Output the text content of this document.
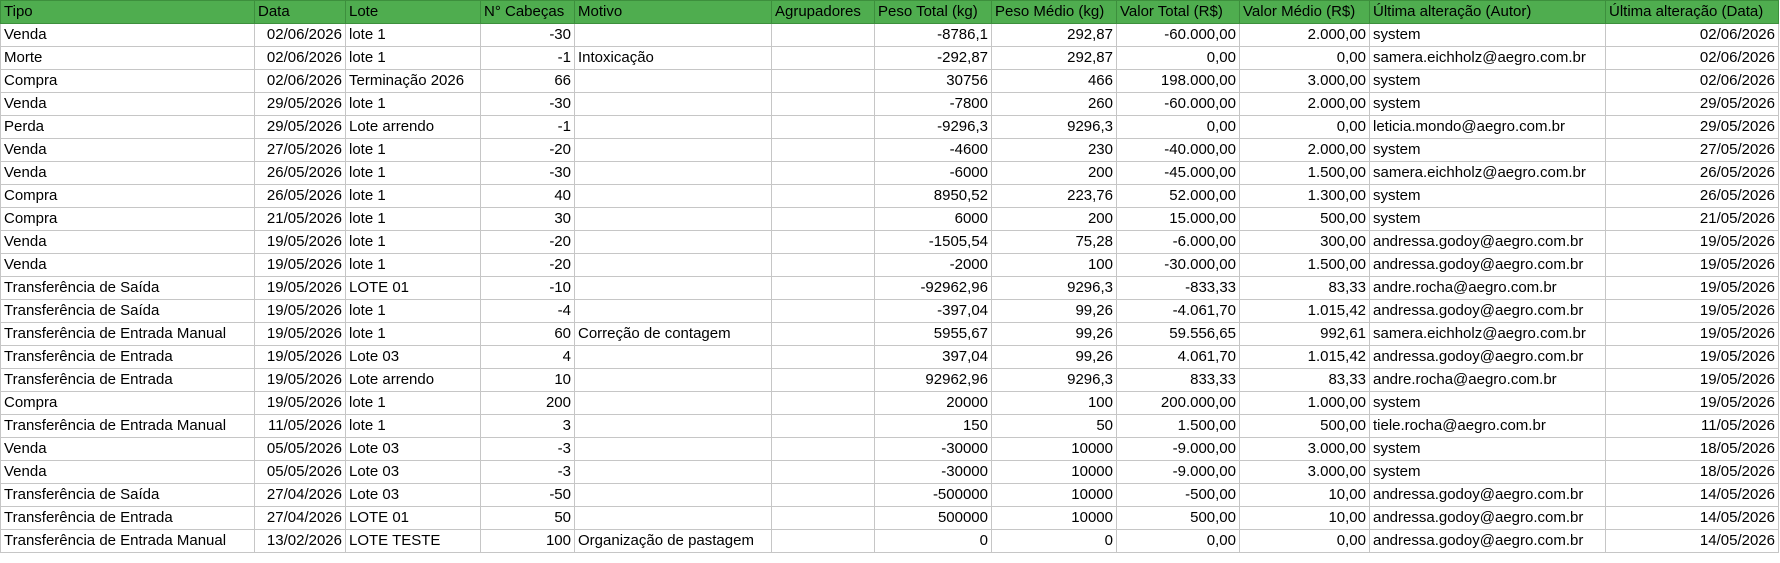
Tipo	Data	Lote	N° Cabeças	Motivo	Agrupadores	Peso Total (kg)	Peso Médio (kg)	Valor Total (R$)	Valor Médio (R$)	Última alteração (Autor)	Última alteração (Data)
Venda	02/06/2026	lote 1	-30			-8786,1	292,87	-60.000,00	2.000,00	system	02/06/2026
Morte	02/06/2026	lote 1	-1	Intoxicação		-292,87	292,87	0,00	0,00	samera.eichholz@aegro.com.br	02/06/2026
Compra	02/06/2026	Terminação 2026	66			30756	466	198.000,00	3.000,00	system	02/06/2026
Venda	29/05/2026	lote 1	-30			-7800	260	-60.000,00	2.000,00	system	29/05/2026
Perda	29/05/2026	Lote arrendo	-1			-9296,3	9296,3	0,00	0,00	leticia.mondo@aegro.com.br	29/05/2026
Venda	27/05/2026	lote 1	-20			-4600	230	-40.000,00	2.000,00	system	27/05/2026
Venda	26/05/2026	lote 1	-30			-6000	200	-45.000,00	1.500,00	samera.eichholz@aegro.com.br	26/05/2026
Compra	26/05/2026	lote 1	40			8950,52	223,76	52.000,00	1.300,00	system	26/05/2026
Compra	21/05/2026	lote 1	30			6000	200	15.000,00	500,00	system	21/05/2026
Venda	19/05/2026	lote 1	-20			-1505,54	75,28	-6.000,00	300,00	andressa.godoy@aegro.com.br	19/05/2026
Venda	19/05/2026	lote 1	-20			-2000	100	-30.000,00	1.500,00	andressa.godoy@aegro.com.br	19/05/2026
Transferência de Saída	19/05/2026	LOTE 01	-10			-92962,96	9296,3	-833,33	83,33	andre.rocha@aegro.com.br	19/05/2026
Transferência de Saída	19/05/2026	lote 1	-4			-397,04	99,26	-4.061,70	1.015,42	andressa.godoy@aegro.com.br	19/05/2026
Transferência de Entrada Manual	19/05/2026	lote 1	60	Correção de contagem		5955,67	99,26	59.556,65	992,61	samera.eichholz@aegro.com.br	19/05/2026
Transferência de Entrada	19/05/2026	Lote 03	4			397,04	99,26	4.061,70	1.015,42	andressa.godoy@aegro.com.br	19/05/2026
Transferência de Entrada	19/05/2026	Lote arrendo	10			92962,96	9296,3	833,33	83,33	andre.rocha@aegro.com.br	19/05/2026
Compra	19/05/2026	lote 1	200			20000	100	200.000,00	1.000,00	system	19/05/2026
Transferência de Entrada Manual	11/05/2026	lote 1	3			150	50	1.500,00	500,00	tiele.rocha@aegro.com.br	11/05/2026
Venda	05/05/2026	Lote 03	-3			-30000	10000	-9.000,00	3.000,00	system	18/05/2026
Venda	05/05/2026	Lote 03	-3			-30000	10000	-9.000,00	3.000,00	system	18/05/2026
Transferência de Saída	27/04/2026	Lote 03	-50			-500000	10000	-500,00	10,00	andressa.godoy@aegro.com.br	14/05/2026
Transferência de Entrada	27/04/2026	LOTE 01	50			500000	10000	500,00	10,00	andressa.godoy@aegro.com.br	14/05/2026
Transferência de Entrada Manual	13/02/2026	LOTE TESTE	100	Organização de pastagem		0	0	0,00	0,00	andressa.godoy@aegro.com.br	14/05/2026
